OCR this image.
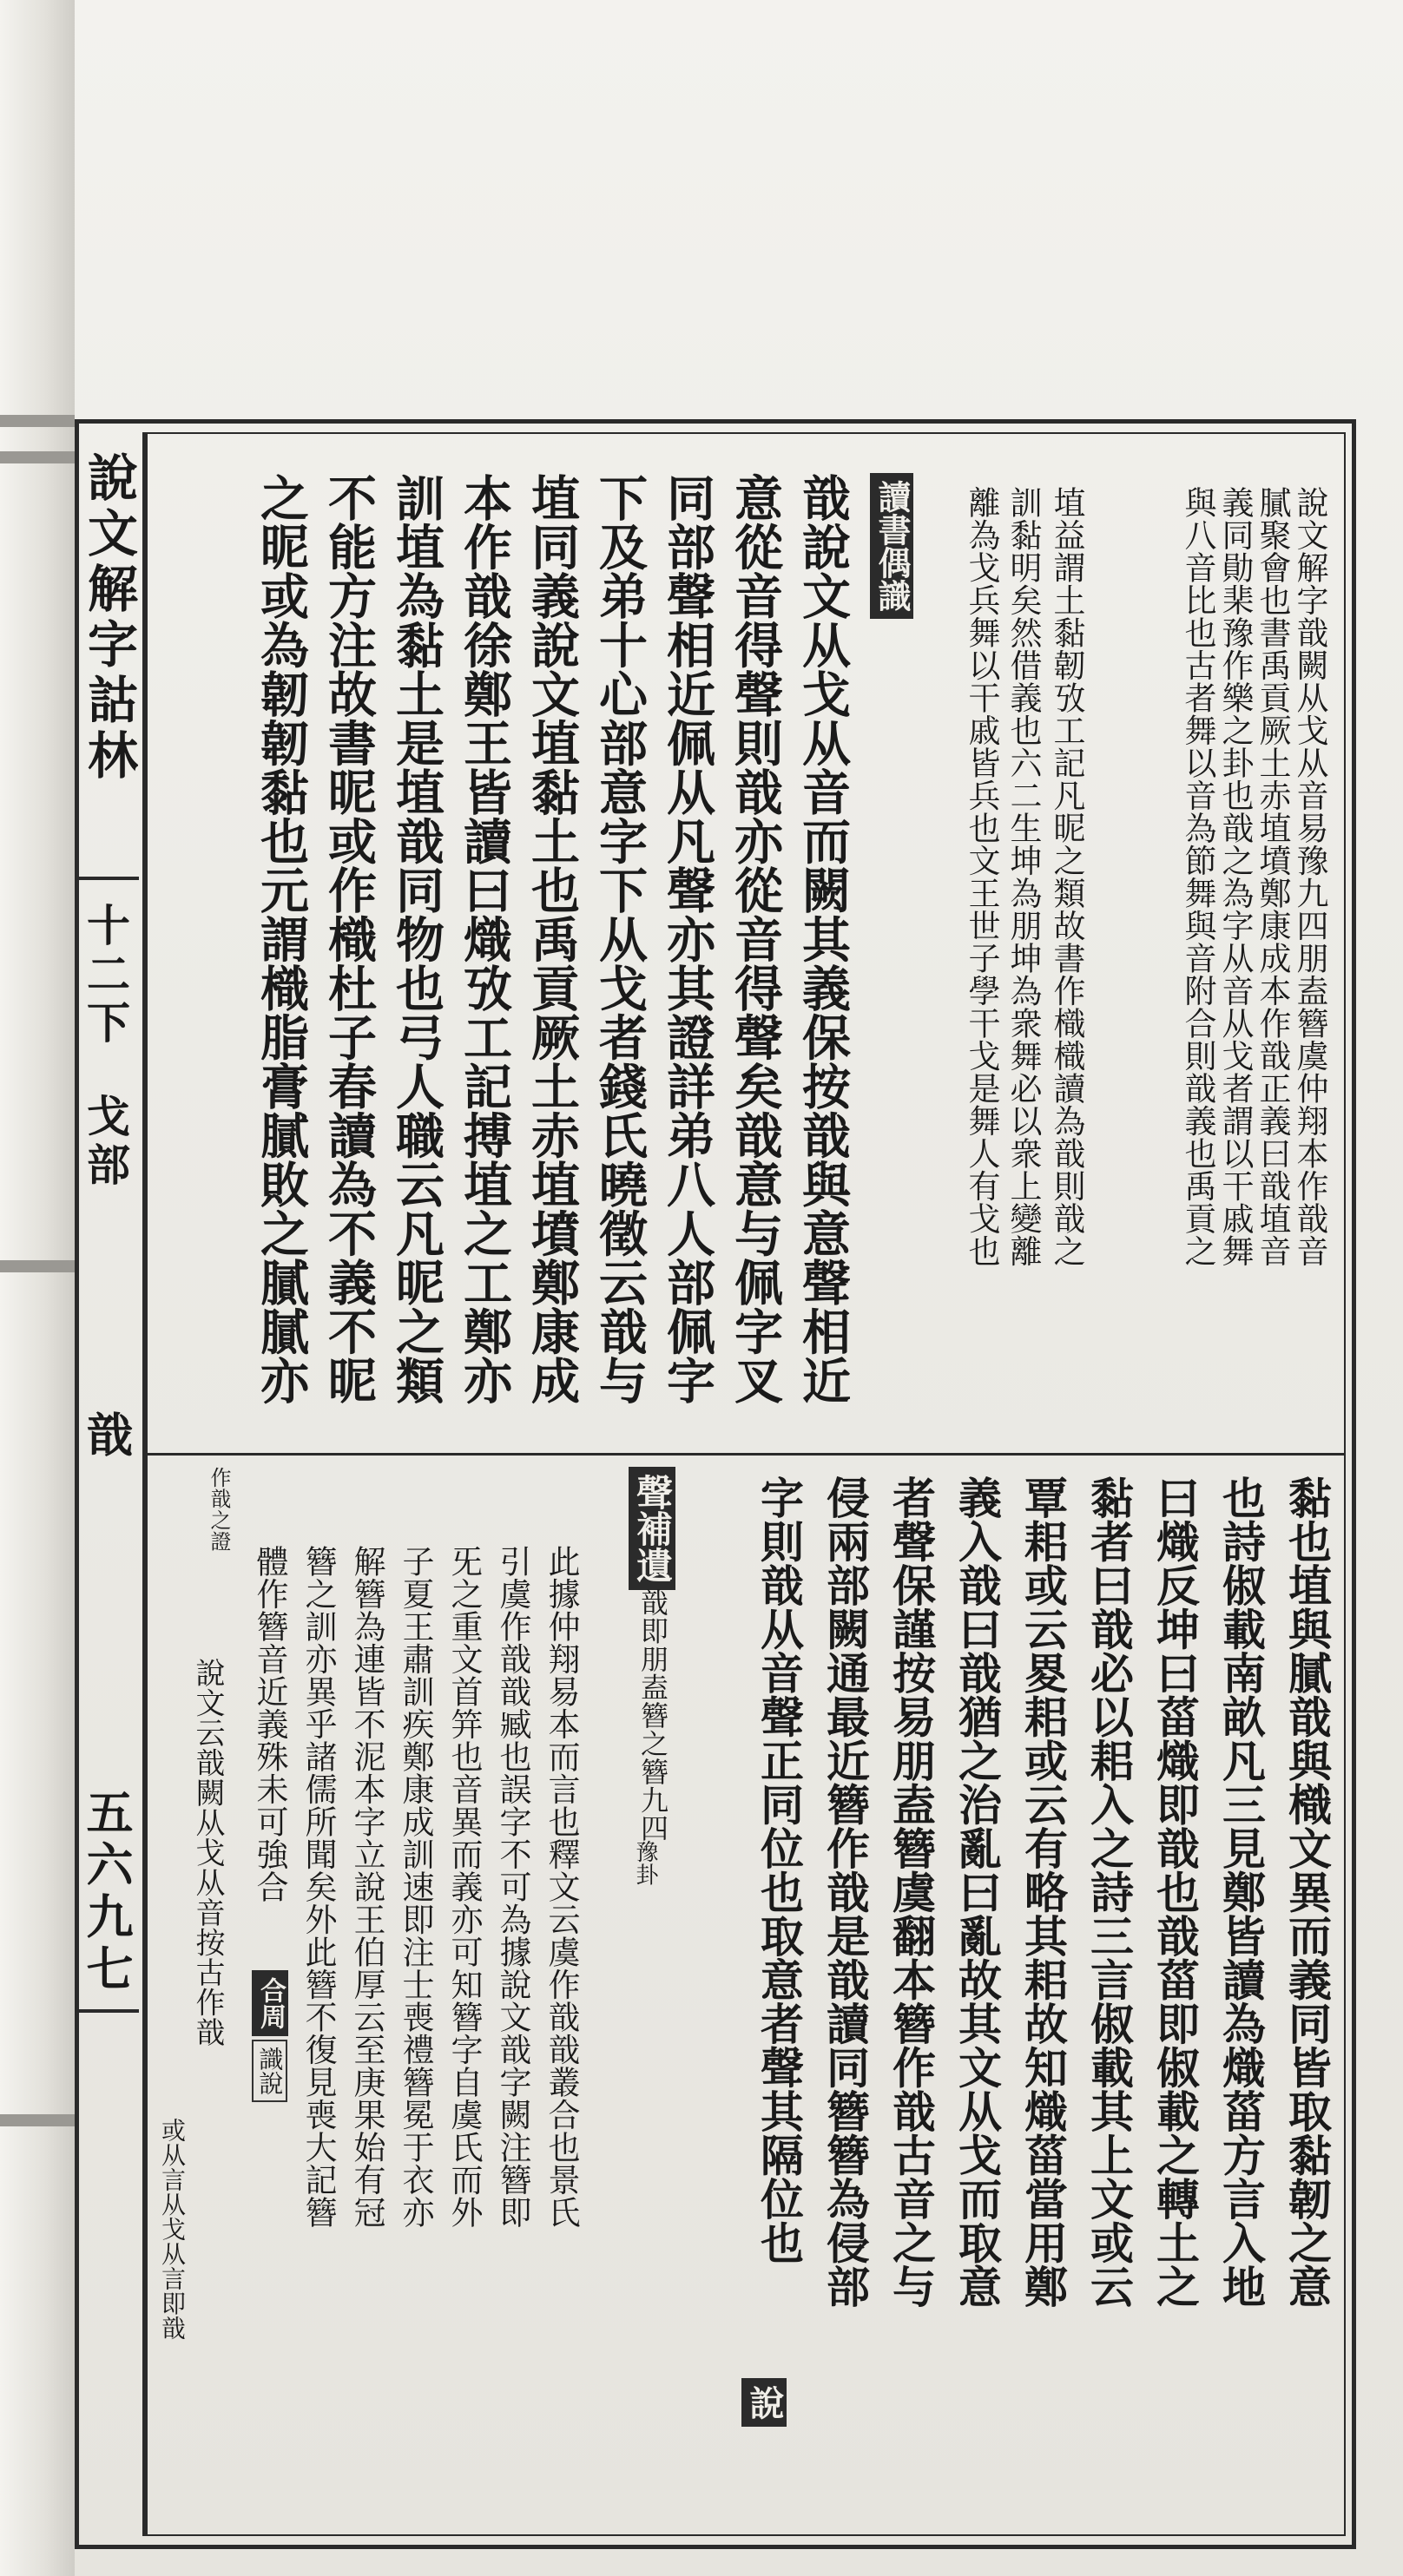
說文解字詁林
十二下
戈部
戠
五六九七
說文解字戠闕从戈从音易豫九四朋盍簪虞仲翔本作戠音
膩聚會也書禹貢厥土赤埴墳鄭康成本作戠正義曰戠埴音
義同勛棐豫作樂之卦也戠之為字从音从戈者謂以干戚舞
與八音比也古者舞以音為節舞與音附合則戠義也禹貢之
埴益謂土黏韌攷工記凡昵之類故書作樴樴讀為戠則戠之
訓黏明矣然借義也六二生坤為朋坤為衆舞必以衆上變離
離為戈兵舞以干戚皆兵也文王世子學干戈是舞人有戈也
讀書偶識
戠說文从戈从音而闕其義保按戠與意聲相近
意從音得聲則戠亦從音得聲矣戠意与佩字叉
同部聲相近佩从凡聲亦其證詳弟八人部佩字
下及弟十心部意字下从戈者錢氏曉徵云戠与
埴同義說文埴黏土也禹貢厥土赤埴墳鄭康成
本作戠徐鄭王皆讀曰熾攷工記搏埴之工鄭亦
訓埴為黏土是埴戠同物也弓人職云凡昵之類
不能方注故書昵或作樴杜子春讀為不義不昵
之昵或為韌韌黏也元謂樴脂膏膩敗之膩膩亦
黏也埴與膩戠與樴文異而義同皆取黏韌之意
也詩俶載南畝凡三見鄭皆讀為熾菑方言入地
曰熾反坤曰菑熾即戠也戠菑即俶載之轉土之
黏者曰戠必以耜入之詩三言俶載其上文或云
覃耜或云畟耜或云有略其耜故知熾菑當用鄭
義入戠曰戠猶之治亂曰亂故其文从戈而取意
者聲保謹按易朋盍簪虞翻本簪作戠古音之与
侵兩部闕通最近簪作戠是戠讀同簪簪為侵部
字則戠从音聲正同位也取意者聲其隔位也
說
聲補遺
戠即朋盍簪之簪九四
豫卦
此據仲翔易本而言也釋文云虞作戠戠叢合也景氏
引虞作戠戠臧也誤字不可為據說文戠字闕注簪即
旡之重文首笄也音異而義亦可知簪字自虞氏而外
子夏王肅訓疾鄭康成訓速即注士喪禮簪冕于衣亦
解簪為連皆不泥本字立說王伯厚云至庚果始有冠
簪之訓亦異乎諸儒所聞矣外此簪不復見喪大記簪
體作簪音近義殊未可強合
合周
識說
說文云戠闕从戈从音按古作戠
作戠之證
或从言从戈从言即戠
